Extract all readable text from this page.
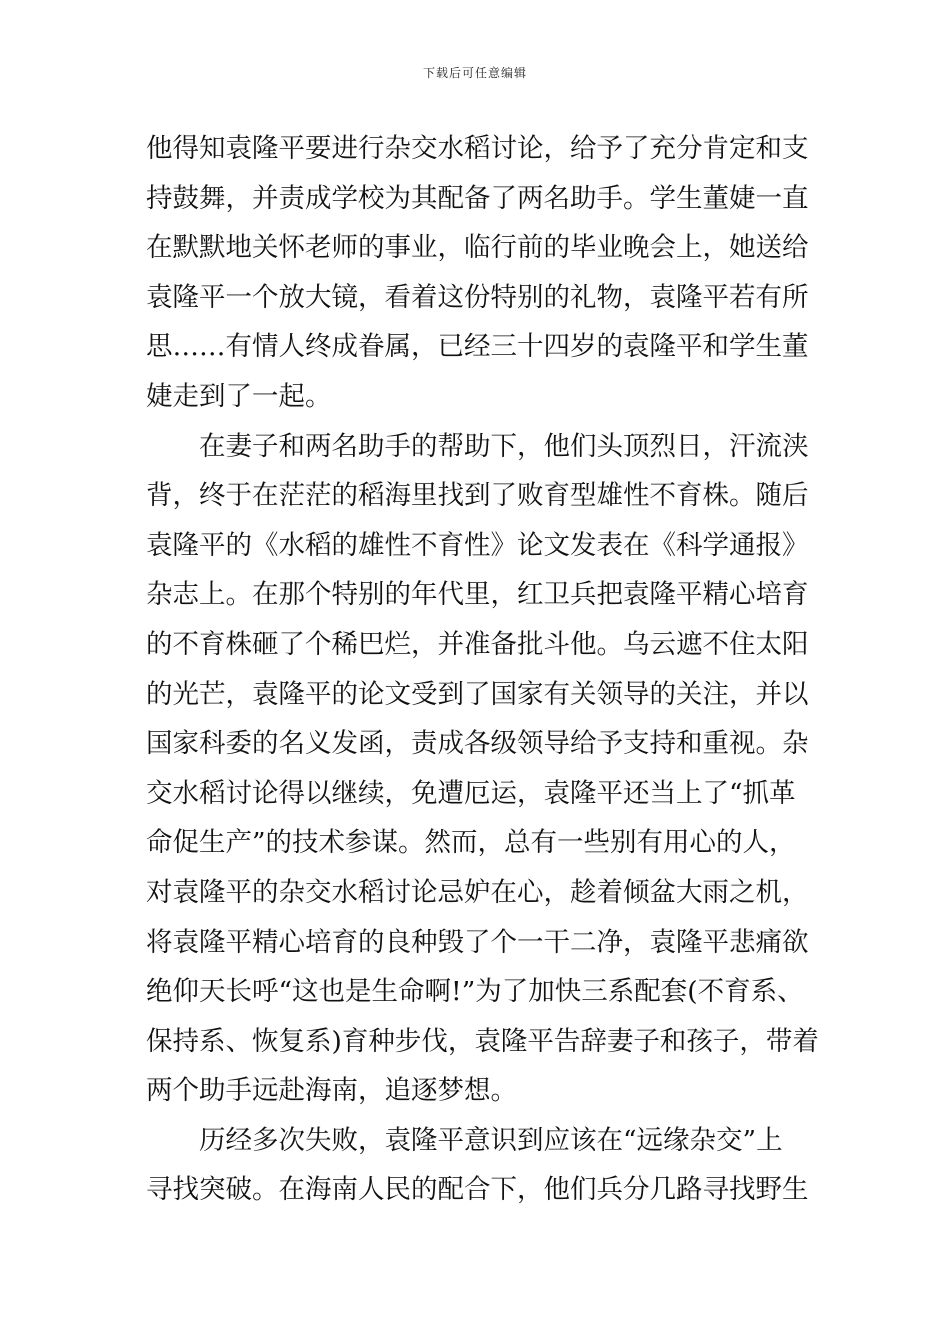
下载后可任意编辑
他得知袁隆平要进行杂交水稻讨论，给予了充分肯定和支
持鼓舞，并责成学校为其配备了两名助手。学生董婕一直
在默默地关怀老师的事业，临行前的毕业晚会上，她送给
袁隆平一个放大镜，看着这份特别的礼物，袁隆平若有所
思……有情人终成眷属，已经三十四岁的袁隆平和学生董
婕走到了一起。
在妻子和两名助手的帮助下，他们头顶烈日，汗流浃
背，终于在茫茫的稻海里找到了败育型雄性不育株。随后
袁隆平的《水稻的雄性不育性》论文发表在《科学通报》
杂志上。在那个特别的年代里，红卫兵把袁隆平精心培育
的不育株砸了个稀巴烂，并准备批斗他。乌云遮不住太阳
的光芒，袁隆平的论文受到了国家有关领导的关注，并以
国家科委的名义发函，责成各级领导给予支持和重视。杂
交水稻讨论得以继续，免遭厄运，袁隆平还当上了“抓革
命促生产”的技术参谋。然而，总有一些别有用心的人，
对袁隆平的杂交水稻讨论忌妒在心，趁着倾盆大雨之机，
将袁隆平精心培育的良种毁了个一干二净，袁隆平悲痛欲
绝仰天长呼“这也是生命啊!”为了加快三系配套(不育系、
保持系、恢复系)育种步伐，袁隆平告辞妻子和孩子，带着
两个助手远赴海南，追逐梦想。
历经多次失败，袁隆平意识到应该在“远缘杂交”上
寻找突破。在海南人民的配合下，他们兵分几路寻找野生
